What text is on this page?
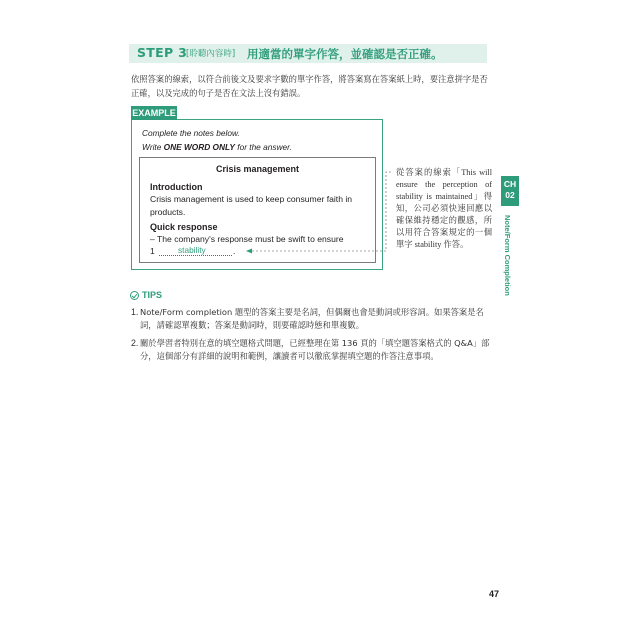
STEP 3
[聆聽內容時] 用適當的單字作答，並確認是否正確。
依照答案的線索，以符合前後文及要求字數的單字作答，將答案寫在答案紙上時，要注意拼字是否正確，以及完成的句子是否在文法上沒有錯誤。
EXAMPLE
Complete the notes below.
Write ONE WORD ONLY for the answer.
Crisis management
Introduction
Crisis management is used to keep consumer faith in products.
Quick response
– The company's response must be swift to ensure
1	stability	.
從答案的線索「This will ensure the perception of stability is maintained」得知，公司必須快速回應以確保維持穩定的觀感，所以用符合答案規定的一個單字 stability 作答。
CH
02
Note/Form Completion
TIPS
1. Note/Form completion 題型的答案主要是名詞，但偶爾也會是動詞或形容詞。如果答案是名詞，請確認單複數；答案是動詞時，則要確認時態和單複數。
2. 關於學習者特別在意的填空題格式問題，已經整理在第 136 頁的「填空題答案格式的 Q&A」部分，這個部分有詳細的說明和範例，讓讀者可以徹底掌握填空題的作答注意事項。
47
